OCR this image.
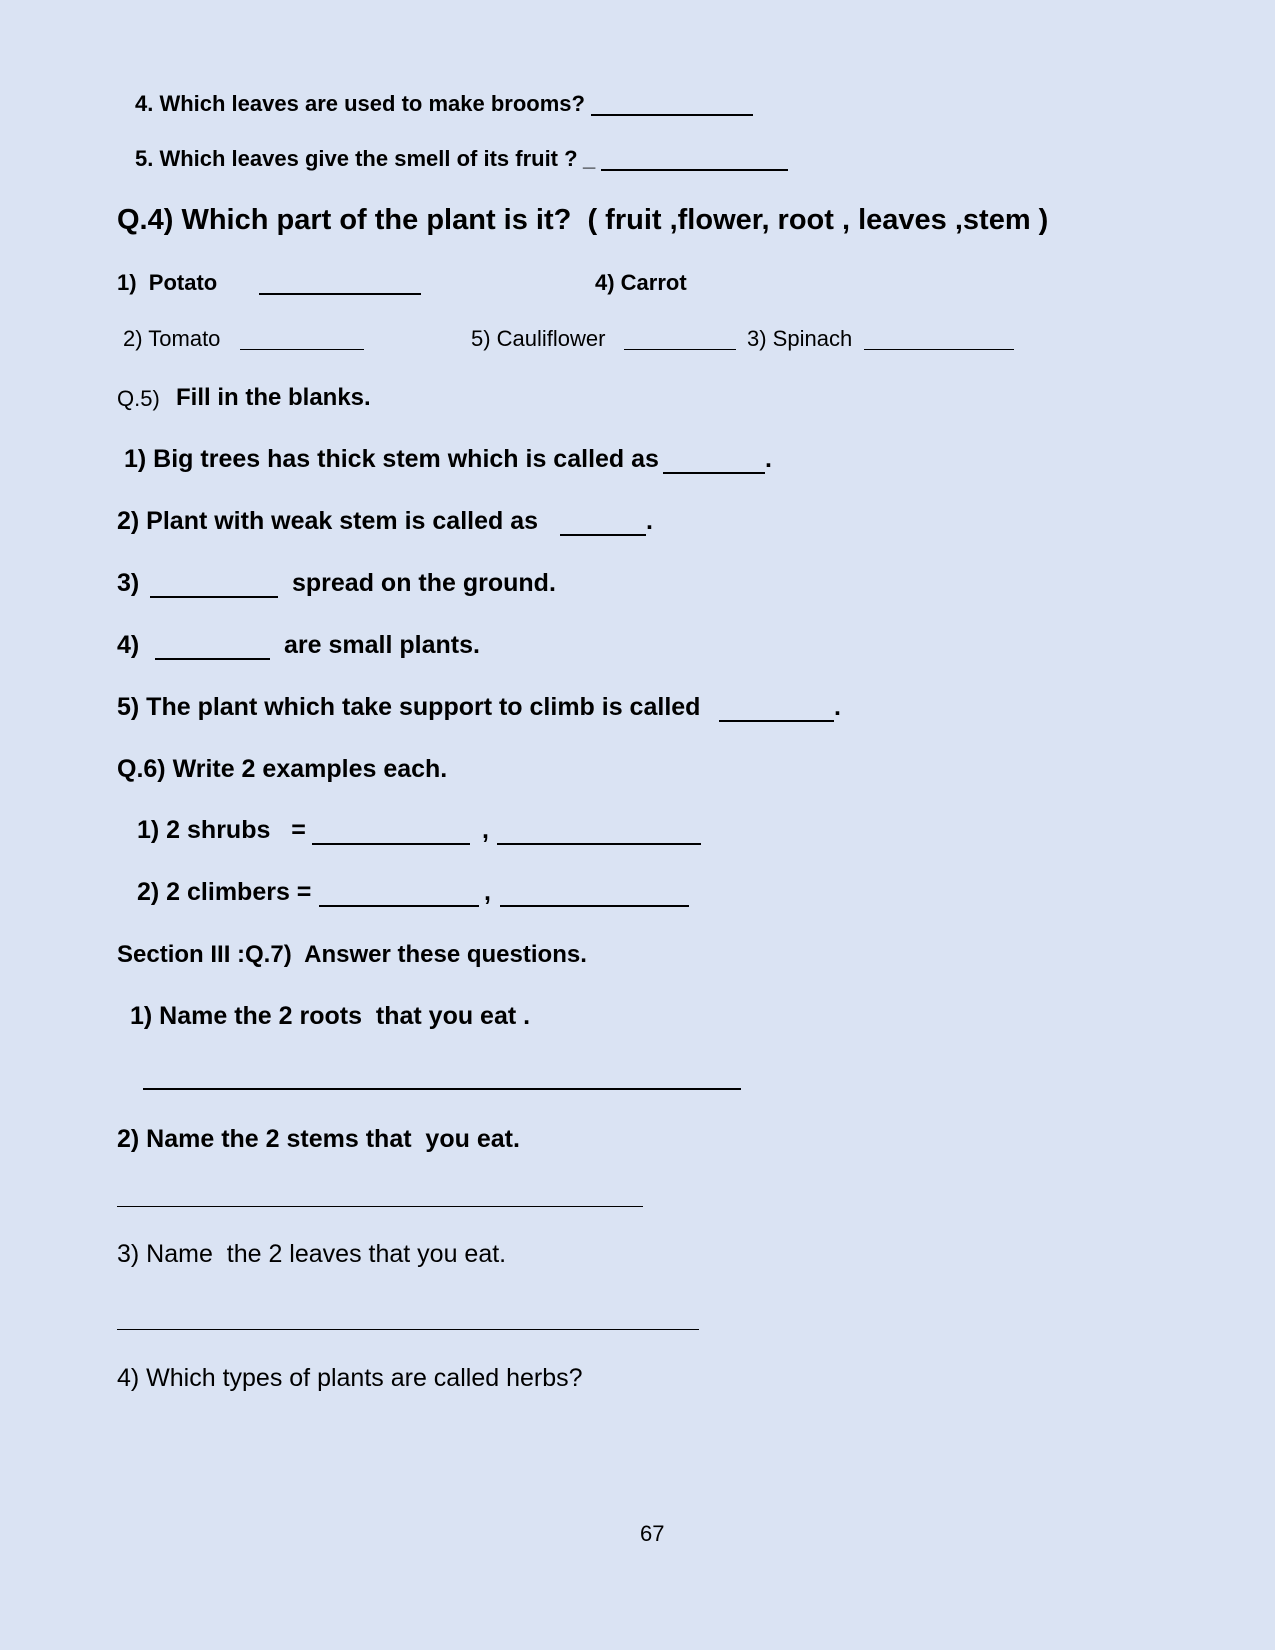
4. Which leaves are used to make brooms?
5. Which leaves give the smell of its fruit ? _
Q.4) Which part of the plant is it?  ( fruit ,flower, root , leaves ,stem )
1)  Potato	4) Carrot
2) Tomato	5) Cauliflower	3) Spinach
Q.5) Fill in the blanks.
1) Big trees has thick stem which is called as	.
2) Plant with weak stem is called as	.
3)	spread on the ground.
4)	are small plants.
5) The plant which take support to climb is called	.
Q.6) Write 2 examples each.
1) 2 shrubs   =	,
2) 2 climbers =	,
Section III :Q.7)  Answer these questions.
1) Name the 2 roots  that you eat .
2) Name the 2 stems that  you eat.
3) Name  the 2 leaves that you eat.
4) Which types of plants are called herbs?
67
